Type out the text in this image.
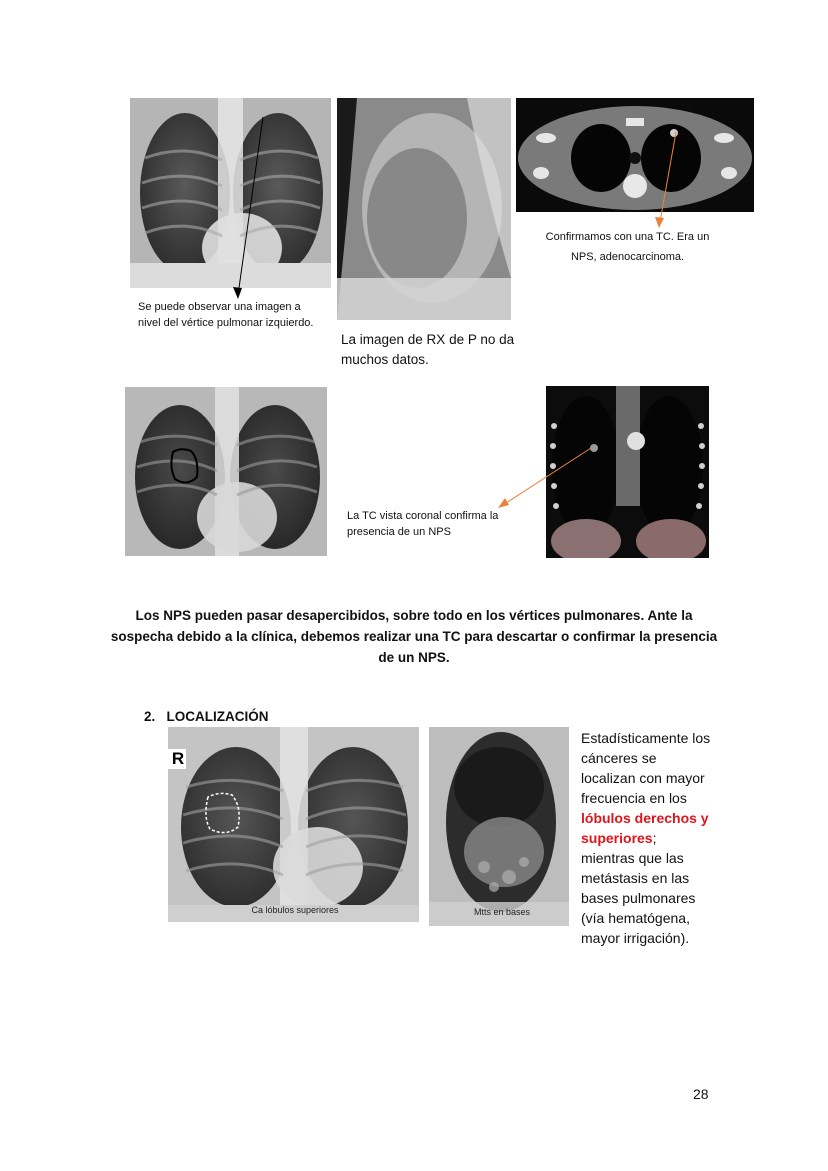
Se puede observar una imagen a nivel del vértice pulmonar izquierdo.
La imagen de RX de P no da muchos datos.
Confirmamos con una TC. Era un NPS, adenocarcinoma.
La TC vista coronal confirma la presencia de un NPS
Los NPS pueden pasar desapercibidos, sobre todo en los vértices pulmonares. Ante la sospecha debido a la clínica, debemos realizar una TC para descartar o confirmar la presencia de un NPS.
2. LOCALIZACIÓN
R
Ca lóbulos superiores	Mtts en bases
Estadísticamente los cánceres se localizan con mayor frecuencia en los lóbulos derechos y superiores; mientras que las metástasis en las bases pulmonares (vía hematógena, mayor irrigación).
28
